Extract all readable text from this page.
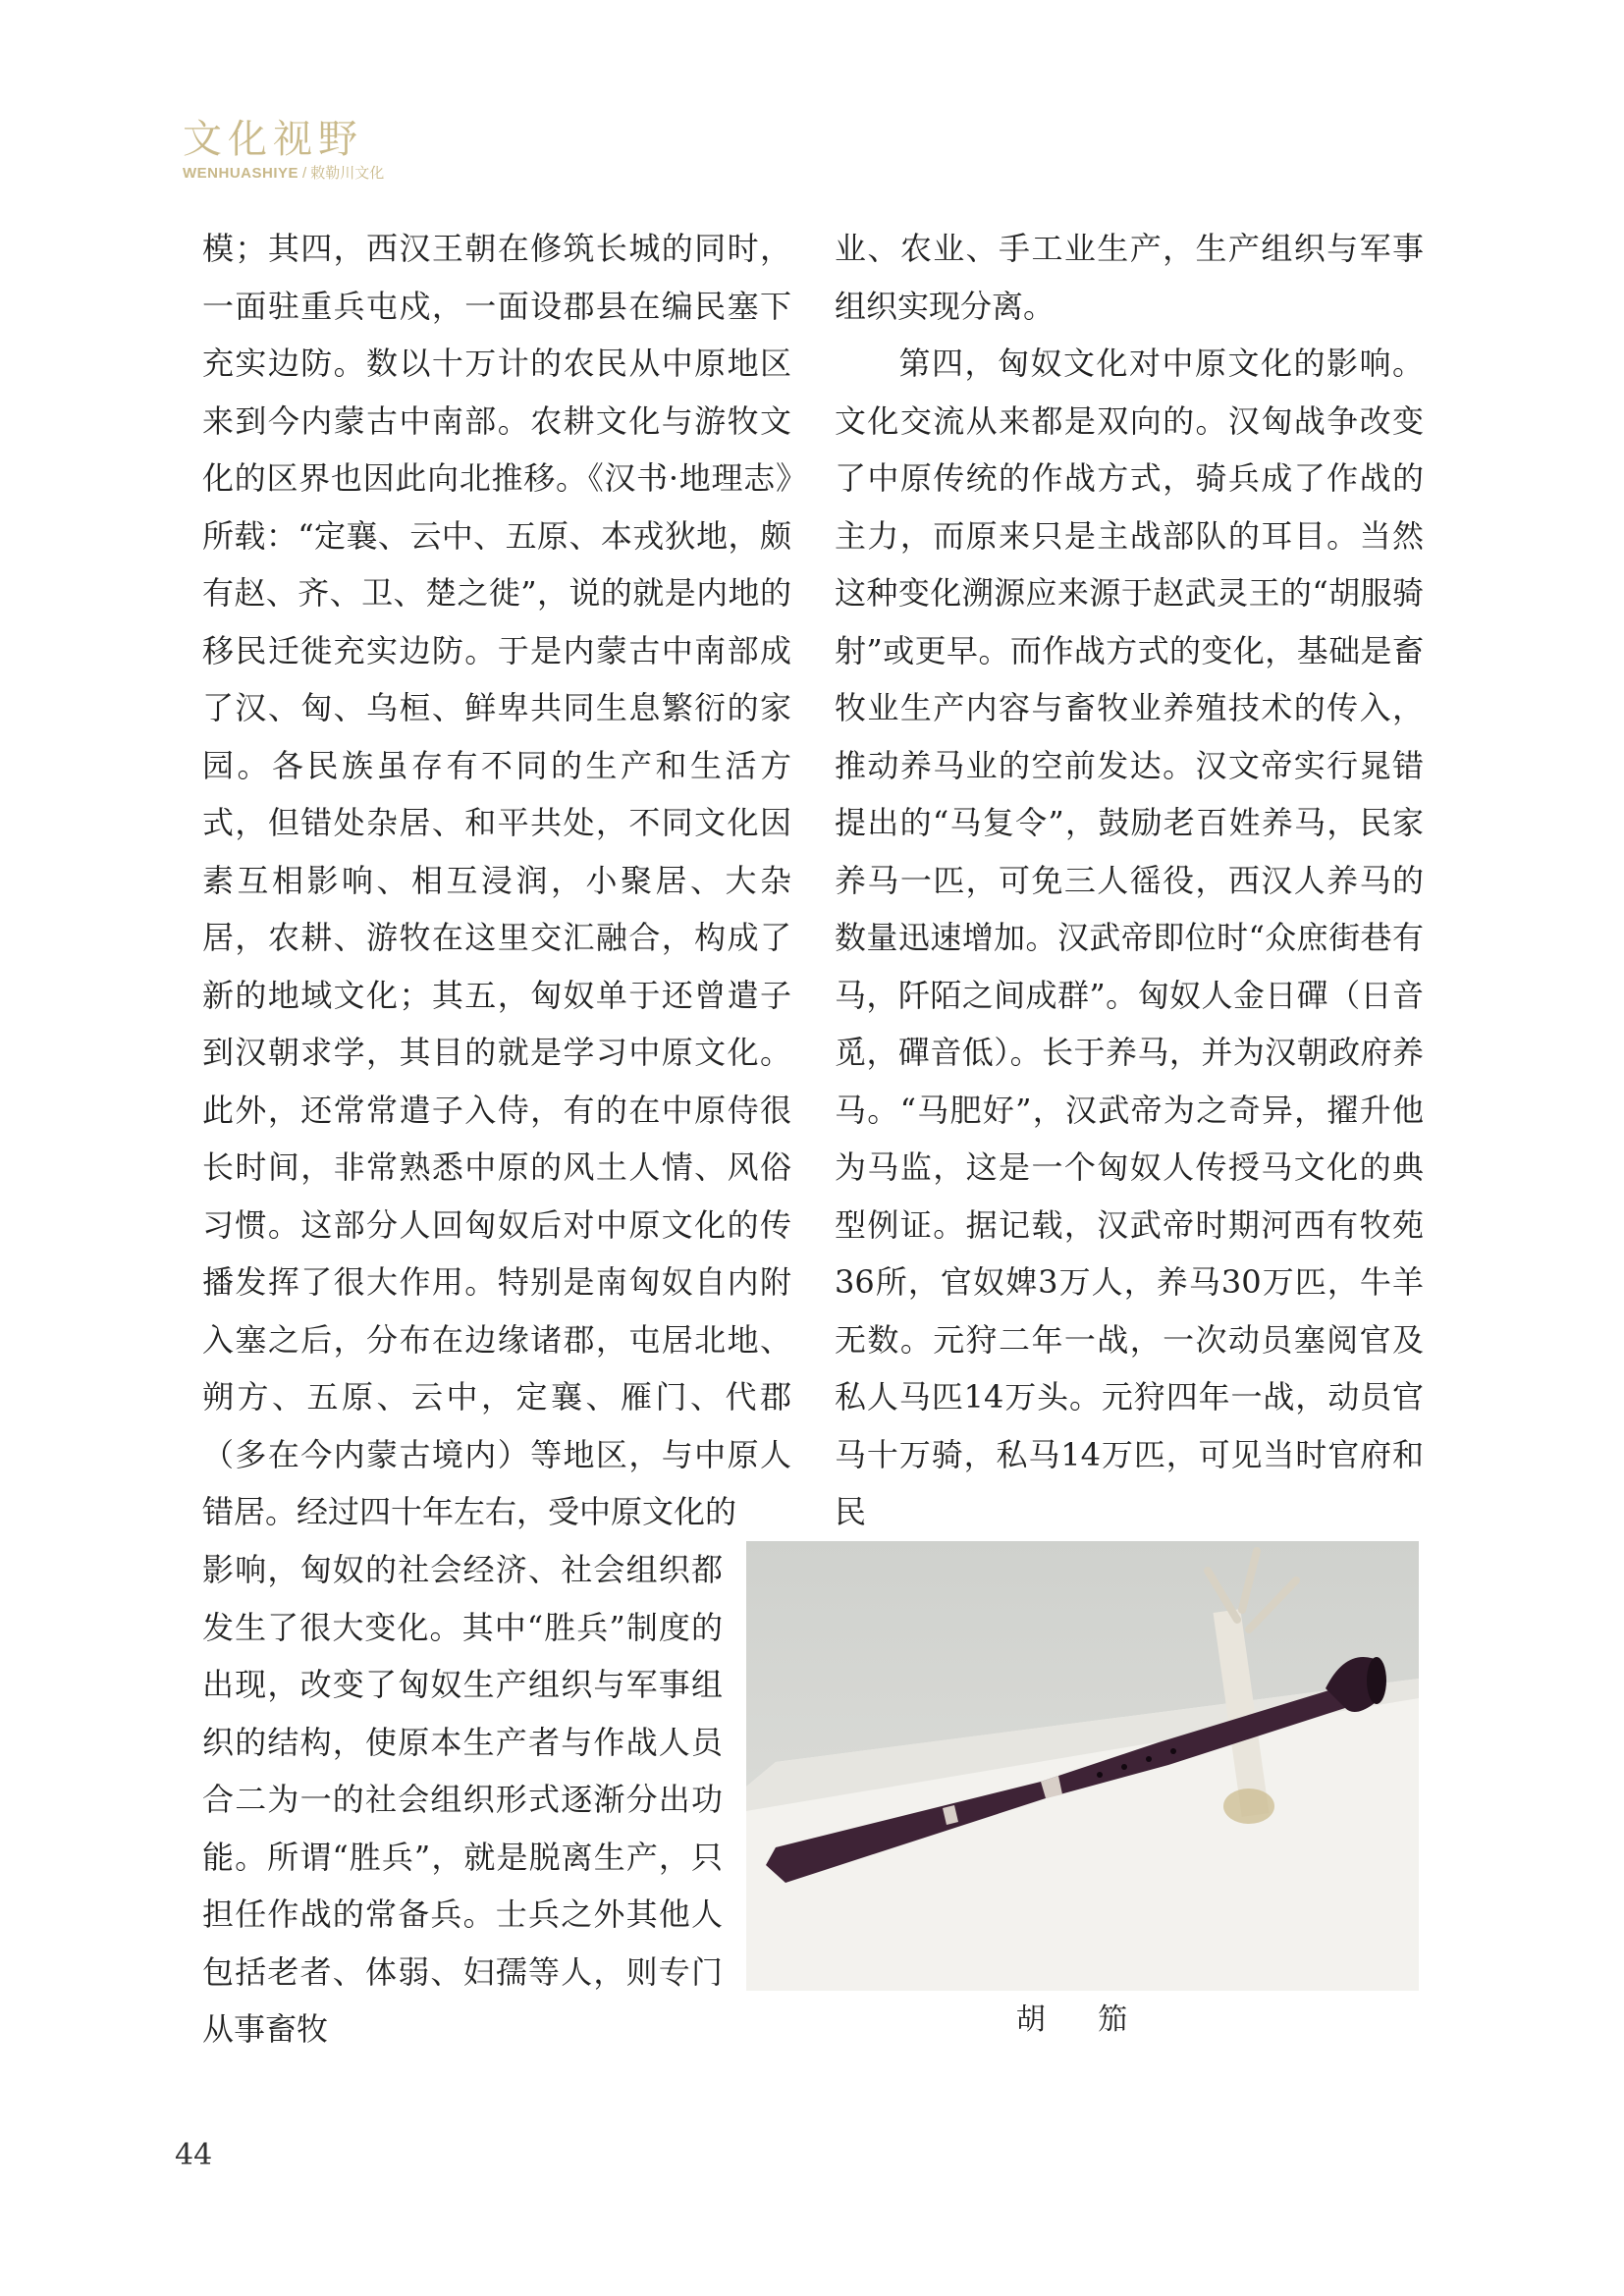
文化视野
WENHUASHIYE / 敕勒川文化

模；其四，西汉王朝在修筑长城的同时，一面驻重兵屯戍，一面设郡县在编民塞下充实边防。数以十万计的农民从中原地区来到今内蒙古中南部。农耕文化与游牧文化的区界也因此向北推移。《汉书·地理志》所载：“定襄、云中、五原、本戎狄地，颇有赵、齐、卫、楚之徙”，说的就是内地的移民迁徙充实边防。于是内蒙古中南部成了汉、匈、乌桓、鲜卑共同生息繁衍的家园。各民族虽存有不同的生产和生活方式，但错处杂居、和平共处，不同文化因素互相影响、相互浸润，小聚居、大杂居，农耕、游牧在这里交汇融合，构成了新的地域文化；其五，匈奴单于还曾遣子到汉朝求学，其目的就是学习中原文化。此外，还常常遣子入侍，有的在中原侍很长时间，非常熟悉中原的风土人情、风俗习惯。这部分人回匈奴后对中原文化的传播发挥了很大作用。特别是南匈奴自内附入塞之后，分布在边缘诸郡，屯居北地、朔方、五原、云中，定襄、雁门、代郡（多在今内蒙古境内）等地区，与中原人错居。经过四十年左右，受中原文化的

影响，匈奴的社会经济、社会组织都发生了很大变化。其中“胜兵”制度的出现，改变了匈奴生产组织与军事组织的结构，使原本生产者与作战人员合二为一的社会组织形式逐渐分出功能。所谓“胜兵”，就是脱离生产，只担任作战的常备兵。士兵之外其他人包括老者、体弱、妇孺等人，则专门从事畜牧

业、农业、手工业生产，生产组织与军事组织实现分离。
第四，匈奴文化对中原文化的影响。文化交流从来都是双向的。汉匈战争改变了中原传统的作战方式，骑兵成了作战的主力，而原来只是主战部队的耳目。当然这种变化溯源应来源于赵武灵王的“胡服骑射”或更早。而作战方式的变化，基础是畜牧业生产内容与畜牧业养殖技术的传入，推动养马业的空前发达。汉文帝实行晁错提出的“马复令”，鼓励老百姓养马，民家养马一匹，可免三人徭役，西汉人养马的数量迅速增加。汉武帝即位时“众庶街巷有马，阡陌之间成群”。匈奴人金日磾（日音觅，磾音低）。长于养马，并为汉朝政府养马。“马肥好”，汉武帝为之奇异，擢升他为马监，这是一个匈奴人传授马文化的典型例证。据记载，汉武帝时期河西有牧苑36所，官奴婢3万人，养马30万匹，牛羊无数。元狩二年一战，一次动员塞阅官及私人马匹14万头。元狩四年一战，动员官马十万骑，私马14万匹，可见当时官府和民
胡 笳
44
